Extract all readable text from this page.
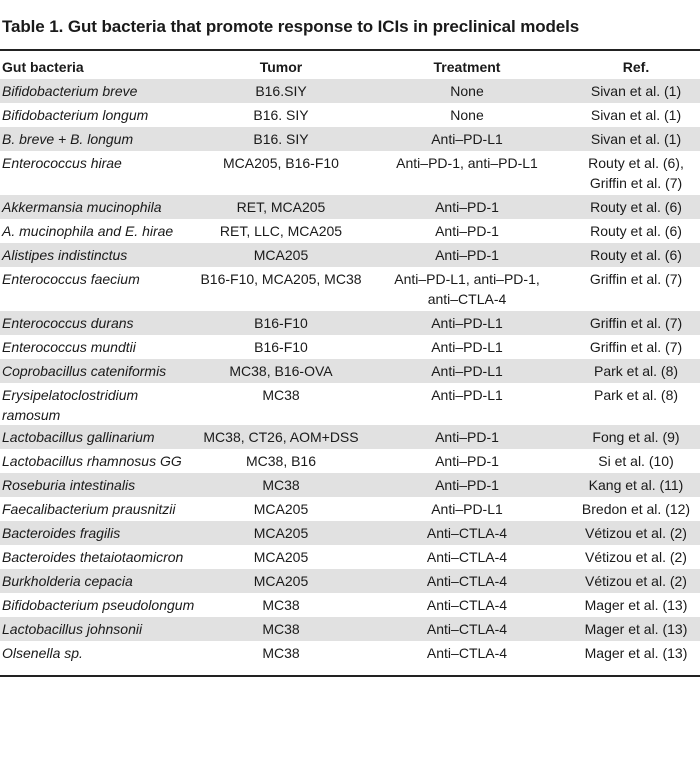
Table 1. Gut bacteria that promote response to ICIs in preclinical models
Gut bacteria	Tumor	Treatment	Ref.
Bifidobacterium breve	B16.SIY	None	Sivan et al. (1)

Bifidobacterium longum	B16. SIY	None	Sivan et al. (1)

B. breve + B. longum	B16. SIY	Anti–PD-L1	Sivan et al. (1)

Enterococcus hirae	MCA205, B16-F10	Anti–PD-1, anti–PD-L1	Routy et al. (6),
Griffin et al. (7)

Akkermansia mucinophila	RET, MCA205	Anti–PD-1	Routy et al. (6)

A. mucinophila and E. hirae	RET, LLC, MCA205	Anti–PD-1	Routy et al. (6)

Alistipes indistinctus	MCA205	Anti–PD-1	Routy et al. (6)

Enterococcus faecium	B16-F10, MCA205, MC38	Anti–PD-L1, anti–PD-1,
anti–CTLA-4	Griffin et al. (7)

Enterococcus durans	B16-F10	Anti–PD-L1	Griffin et al. (7)

Enterococcus mundtii	B16-F10	Anti–PD-L1	Griffin et al. (7)

Coprobacillus cateniformis	MC38, B16-OVA	Anti–PD-L1	Park et al. (8)

Erysipelatoclostridium ramosum	MC38	Anti–PD-L1	Park et al. (8)

Lactobacillus gallinarium	MC38, CT26, AOM+DSS	Anti–PD-1	Fong et al. (9)

Lactobacillus rhamnosus GG	MC38, B16	Anti–PD-1	Si et al. (10)

Roseburia intestinalis	MC38	Anti–PD-1	Kang et al. (11)

Faecalibacterium prausnitzii	MCA205	Anti–PD-L1	Bredon et al. (12)

Bacteroides fragilis	MCA205	Anti–CTLA-4	Vétizou et al. (2)

Bacteroides thetaiotaomicron	MCA205	Anti–CTLA-4	Vétizou et al. (2)

Burkholderia cepacia	MCA205	Anti–CTLA-4	Vétizou et al. (2)

Bifidobacterium pseudolongum	MC38	Anti–CTLA-4	Mager et al. (13)

Lactobacillus johnsonii	MC38	Anti–CTLA-4	Mager et al. (13)

Olsenella sp.	MC38	Anti–CTLA-4	Mager et al. (13)
